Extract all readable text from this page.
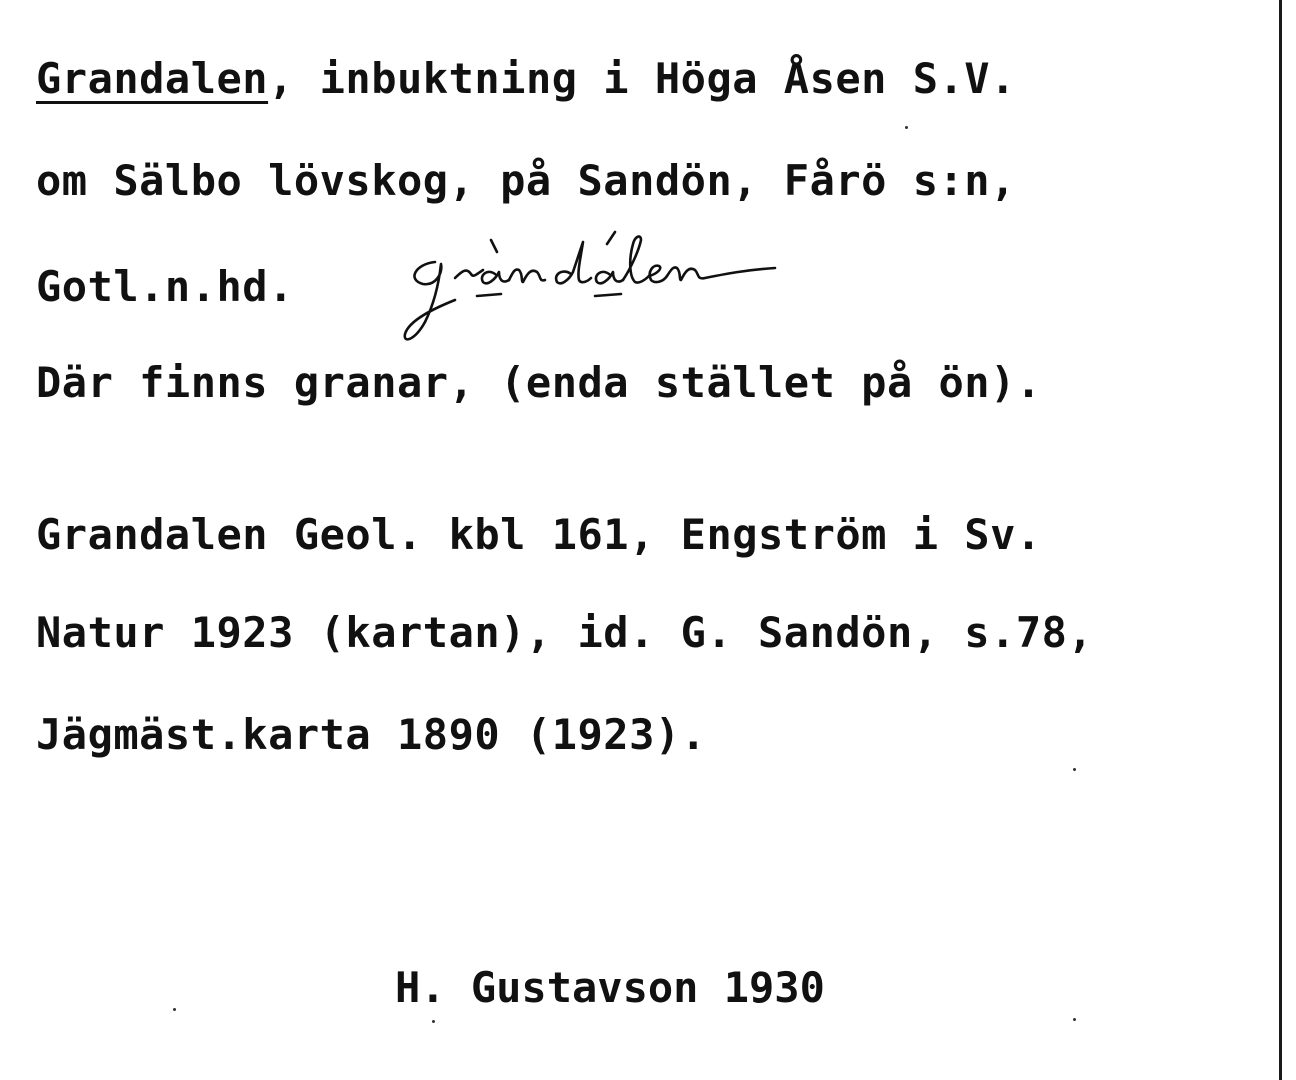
Grandalen, inbuktning i Höga Åsen S.V.
om Sälbo lövskog, på Sandön, Fårö s:n,
Gotl.n.hd.
Där finns granar, (enda stället på ön).
Grandalen Geol. kbl 161, Engström i Sv.
Natur 1923 (kartan), id. G. Sandön, s.78,
Jägmäst.karta 1890 (1923).
H. Gustavson 1930
